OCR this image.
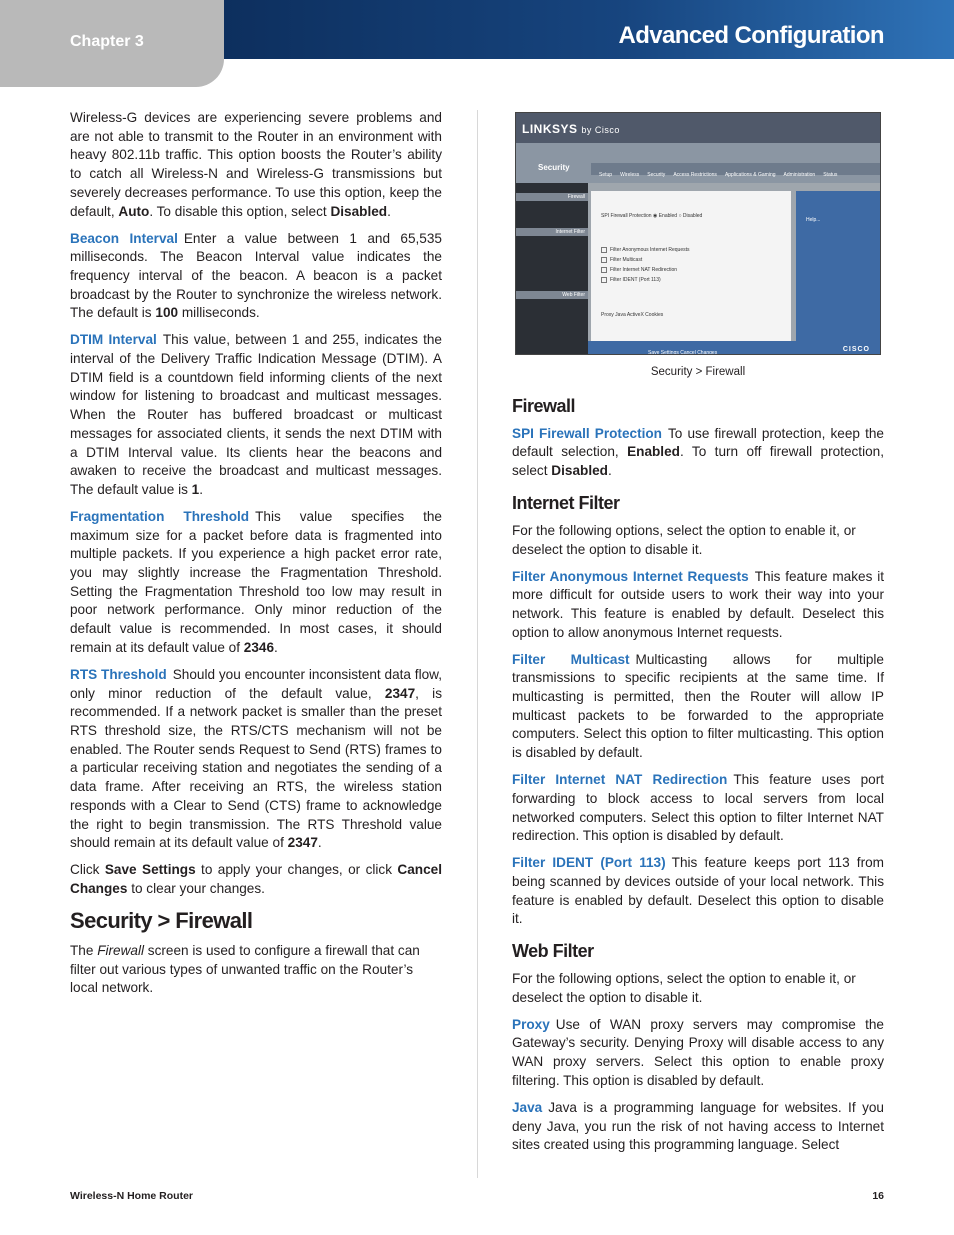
Chapter 3	Advanced Configuration

Wireless-G devices are experiencing severe problems and are not able to transmit to the Router in an environment with heavy 802.11b traffic. This option boosts the Router’s ability to catch all Wireless-N and Wireless-G transmissions but severely decreases performance. To use this option, keep the default, Auto. To disable this option, select Disabled.

Beacon Interval Enter a value between 1 and 65,535 milliseconds. The Beacon Interval value indicates the frequency interval of the beacon. A beacon is a packet broadcast by the Router to synchronize the wireless network. The default is 100 milliseconds.

DTIM Interval This value, between 1 and 255, indicates the interval of the Delivery Traffic Indication Message (DTIM). A DTIM field is a countdown field informing clients of the next window for listening to broadcast and multicast messages. When the Router has buffered broadcast or multicast messages for associated clients, it sends the next DTIM with a DTIM Interval value. Its clients hear the beacons and awaken to receive the broadcast and multicast messages. The default value is 1.

Fragmentation Threshold This value specifies the maximum size for a packet before data is fragmented into multiple packets. If you experience a high packet error rate, you may slightly increase the Fragmentation Threshold. Setting the Fragmentation Threshold too low may result in poor network performance. Only minor reduction of the default value is recommended. In most cases, it should remain at its default value of 2346.

RTS Threshold Should you encounter inconsistent data flow, only minor reduction of the default value, 2347, is recommended. If a network packet is smaller than the preset RTS threshold size, the RTS/CTS mechanism will not be enabled. The Router sends Request to Send (RTS) frames to a particular receiving station and negotiates the sending of a data frame. After receiving an RTS, the wireless station responds with a Clear to Send (CTS) frame to acknowledge the right to begin transmission. The RTS Threshold value should remain at its default value of 2347.

Click Save Settings to apply your changes, or click Cancel Changes to clear your changes.

Security > Firewall

The Firewall screen is used to configure a firewall that can filter out various types of unwanted traffic on the Router’s local network.

LINKSYS by Cisco
Security
Setup Wireless Security Access Restrictions Applications & Gaming Administration Status
Firewall
Internet Filter
Web Filter
SPI Firewall Protection ◉ Enabled ○ Disabled
Filter Anonymous Internet Requests
Filter Multicast
Filter Internet NAT Redirection
Filter IDENT (Port 113)
Proxy Java ActiveX Cookies
Help...
Save Settings Cancel Changes	CISCO
Security > Firewall
Firewall

SPI Firewall Protection To use firewall protection, keep the default selection, Enabled. To turn off firewall protection, select Disabled.

Internet Filter

For the following options, select the option to enable it, or deselect the option to disable it.

Filter Anonymous Internet Requests This feature makes it more difficult for outside users to work their way into your network. This feature is enabled by default. Deselect this option to allow anonymous Internet requests.

Filter Multicast Multicasting allows for multiple transmissions to specific recipients at the same time. If multicasting is permitted, then the Router will allow IP multicast packets to be forwarded to the appropriate computers. Select this option to filter multicasting. This option is disabled by default.

Filter Internet NAT Redirection This feature uses port forwarding to block access to local servers from local networked computers. Select this option to filter Internet NAT redirection. This option is disabled by default.

Filter IDENT (Port 113) This feature keeps port 113 from being scanned by devices outside of your local network. This feature is enabled by default. Deselect this option to disable it.

Web Filter

For the following options, select the option to enable it, or deselect the option to disable it.

Proxy Use of WAN proxy servers may compromise the Gateway’s security. Denying Proxy will disable access to any WAN proxy servers. Select this option to enable proxy filtering. This option is disabled by default.

Java Java is a programming language for websites. If you deny Java, you run the risk of not having access to Internet sites created using this programming language. Select

Wireless-N Home Router	16
